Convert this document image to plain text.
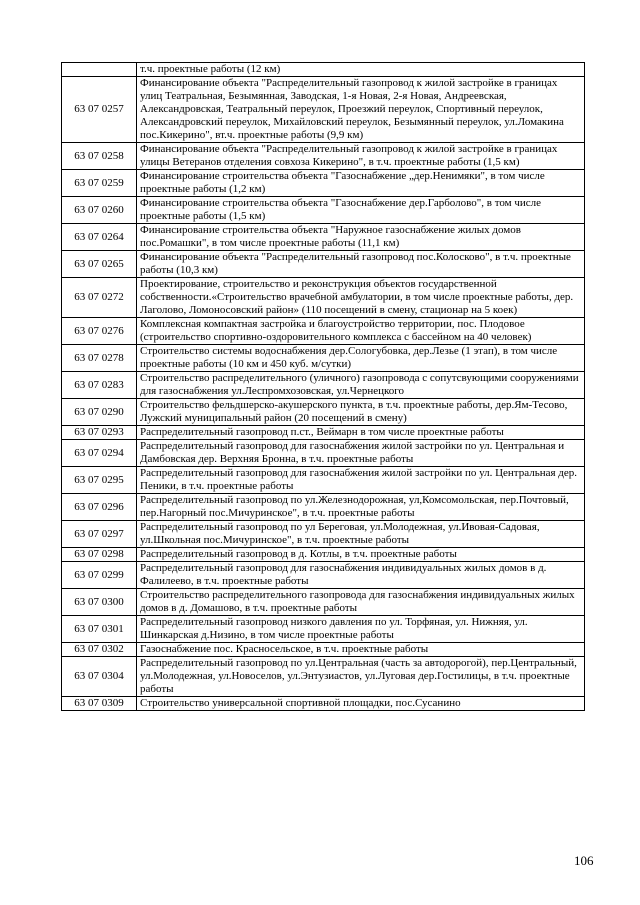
	т.ч. проектные работы (12 км)
63 07 0257	Финансирование объекта "Распределительный газопровод к жилой застройке в границах улиц Театральная, Безымянная, Заводская, 1-я Новая, 2-я Новая, Андреевская, Александровская, Театральный переулок, Проезжий переулок, Спортивный переулок, Александровский переулок, Михайловский переулок, Безымянный переулок, ул.Ломакина пос.Кикерино", вт.ч. проектные работы (9,9 км)
63 07 0258	Финансирование объекта "Распределительный газопровод к жилой застройке в границах улицы Ветеранов отделения совхоза Кикерино", в т.ч. проектные работы (1,5 км)
63 07 0259	Финансирование строительства объекта "Газоснабжение „дер.Ненимяки", в том числе проектные работы (1,2 км)
63 07 0260	Финансирование строительства объекта "Газоснабжение дер.Гарболово", в том числе проектные работы (1,5 км)
63 07 0264	Финансирование строительства объекта "Наружное газоснабжение жилых домов пос.Ромашки", в том числе проектные работы (11,1 км)
63 07 0265	Финансирование объекта "Распределительный газопровод пос.Колосково", в т.ч. проектные работы (10,3 км)
63 07 0272	Проектирование, строительство и реконструкция объектов государственной собственности.«Строительство врачебной амбулатории, в том числе проектные работы, дер. Лаголово, Ломоносовский район» (110 посещений в смену, стационар на 5 коек)
63 07 0276	Комплексная компактная застройка и благоустройство территории, пос. Плодовое (строительство спортивно-оздоровительного комплекса с бассейном на 40 человек)
63 07 0278	Строительство системы водоснабжения дер.Сологубовка, дер.Лезье (1 этап), в том числе проектные работы (10 км и 450 куб. м/сутки)
63 07 0283	Строительство распределительного (уличного) газопровода с сопутсвующими сооружениями для газоснабжения ул.Леспромхозовская, ул.Чернецкого
63 07 0290	Строительство фельдшерско-акушерского пункта, в т.ч. проектные работы, дер.Ям-Тесово, Лужский муниципальный район (20 посещений в смену)
63 07 0293	Распределительный газопровод п.ст., Веймарн в том числе проектные работы
63 07 0294	Распределительный газопровод для газоснабжения жилой застройки по ул. Центральная и Дамбовская дер. Верхняя Бронна, в т.ч. проектные работы
63 07 0295	Распределительный газопровод для газоснабжения жилой застройки по ул. Центральная дер. Пеники, в т.ч. проектные работы
63 07 0296	Распределительный газопровод по ул.Железнодорожная, ул,Комсомольская, пер.Почтовый, пер.Нагорный пос.Мичуринское", в т.ч. проектные работы
63 07 0297	Распределительный газопровод по ул Береговая, ул.Молодежная, ул.Ивовая-Садовая, ул.Школьная пос.Мичуринское", в т.ч. проектные работы
63 07 0298	Распределительный газопровод в д. Котлы, в т.ч. проектные работы
63 07 0299	Распределительный газопровод для газоснабжения индивидуальных жилых домов в д. Фалилеево, в т.ч. проектные работы
63 07 0300	Строительство распределительного газопровода для газоснабжения индивидуальных жилых домов в д. Домашово, в т.ч. проектные работы
63 07 0301	Распределительный газопровод низкого давления по ул. Торфяная, ул. Нижняя, ул. Шинкарская д.Низино, в том числе проектные работы
63 07 0302	Газоснабжение пос. Красносельское, в т.ч. проектные работы
63 07 0304	Распределительный газопровод по ул.Центральная (часть за автодорогой), пер.Центральный, ул.Молодежная, ул.Новоселов, ул.Энтузиастов, ул.Луговая дер.Гостилицы, в т.ч. проектные работы
63 07 0309	Строительство универсальной спортивной площадки, пос.Сусанино
106
